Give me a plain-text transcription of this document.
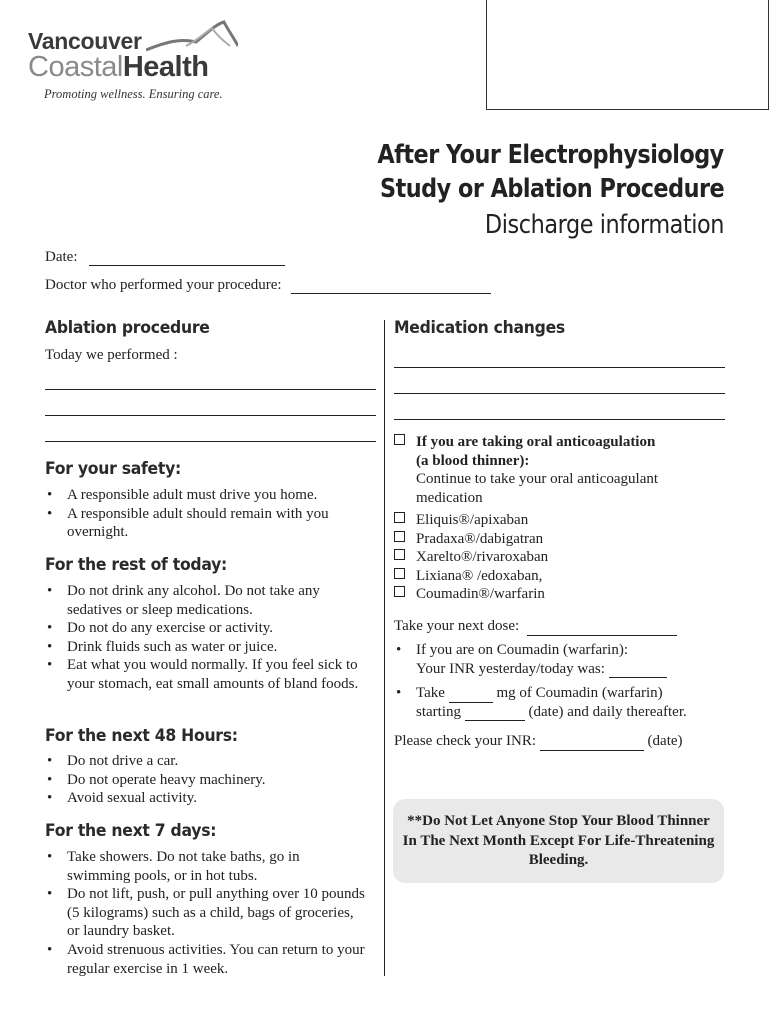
Vancouver
CoastalHealth
Promoting wellness. Ensuring care.
After Your Electrophysiology
Study or Ablation Procedure
Discharge information
Date:
Doctor who performed your procedure:
Ablation procedure
Today we performed :
For your safety:
• A responsible adult must drive you home.
• A responsible adult should remain with you overnight.
For the rest of today:
• Do not drink any alcohol. Do not take any sedatives or sleep medications.
• Do not do any exercise or activity.
• Drink fluids such as water or juice.
• Eat what you would normally. If you feel sick to your stomach, eat small amounts of bland foods.
For the next 48 Hours:
• Do not drive a car.
• Do not operate heavy machinery.
• Avoid sexual activity.
For the next 7 days:
• Take showers. Do not take baths, go in swimming pools, or in hot tubs.
• Do not lift, push, or pull anything over 10 pounds (5 kilograms) such as a child, bags of groceries, or laundry basket.
• Avoid strenuous activities. You can return to your regular exercise in 1 week.
Medication changes
If you are taking oral anticoagulation
(a blood thinner):
Continue to take your oral anticoagulant medication
Eliquis®/apixaban
Pradaxa®/dabigatran
Xarelto®/rivaroxaban
Lixiana® /edoxaban,
Coumadin®/warfarin
Take your next dose:
• If you are on Coumadin (warfarin):
Your INR yesterday/today was:
• Take	mg of Coumadin (warfarin)
starting	(date) and daily thereafter.
Please check your INR:	(date)
**Do Not Let Anyone Stop Your Blood Thinner In The Next Month Except For Life-Threatening Bleeding.
